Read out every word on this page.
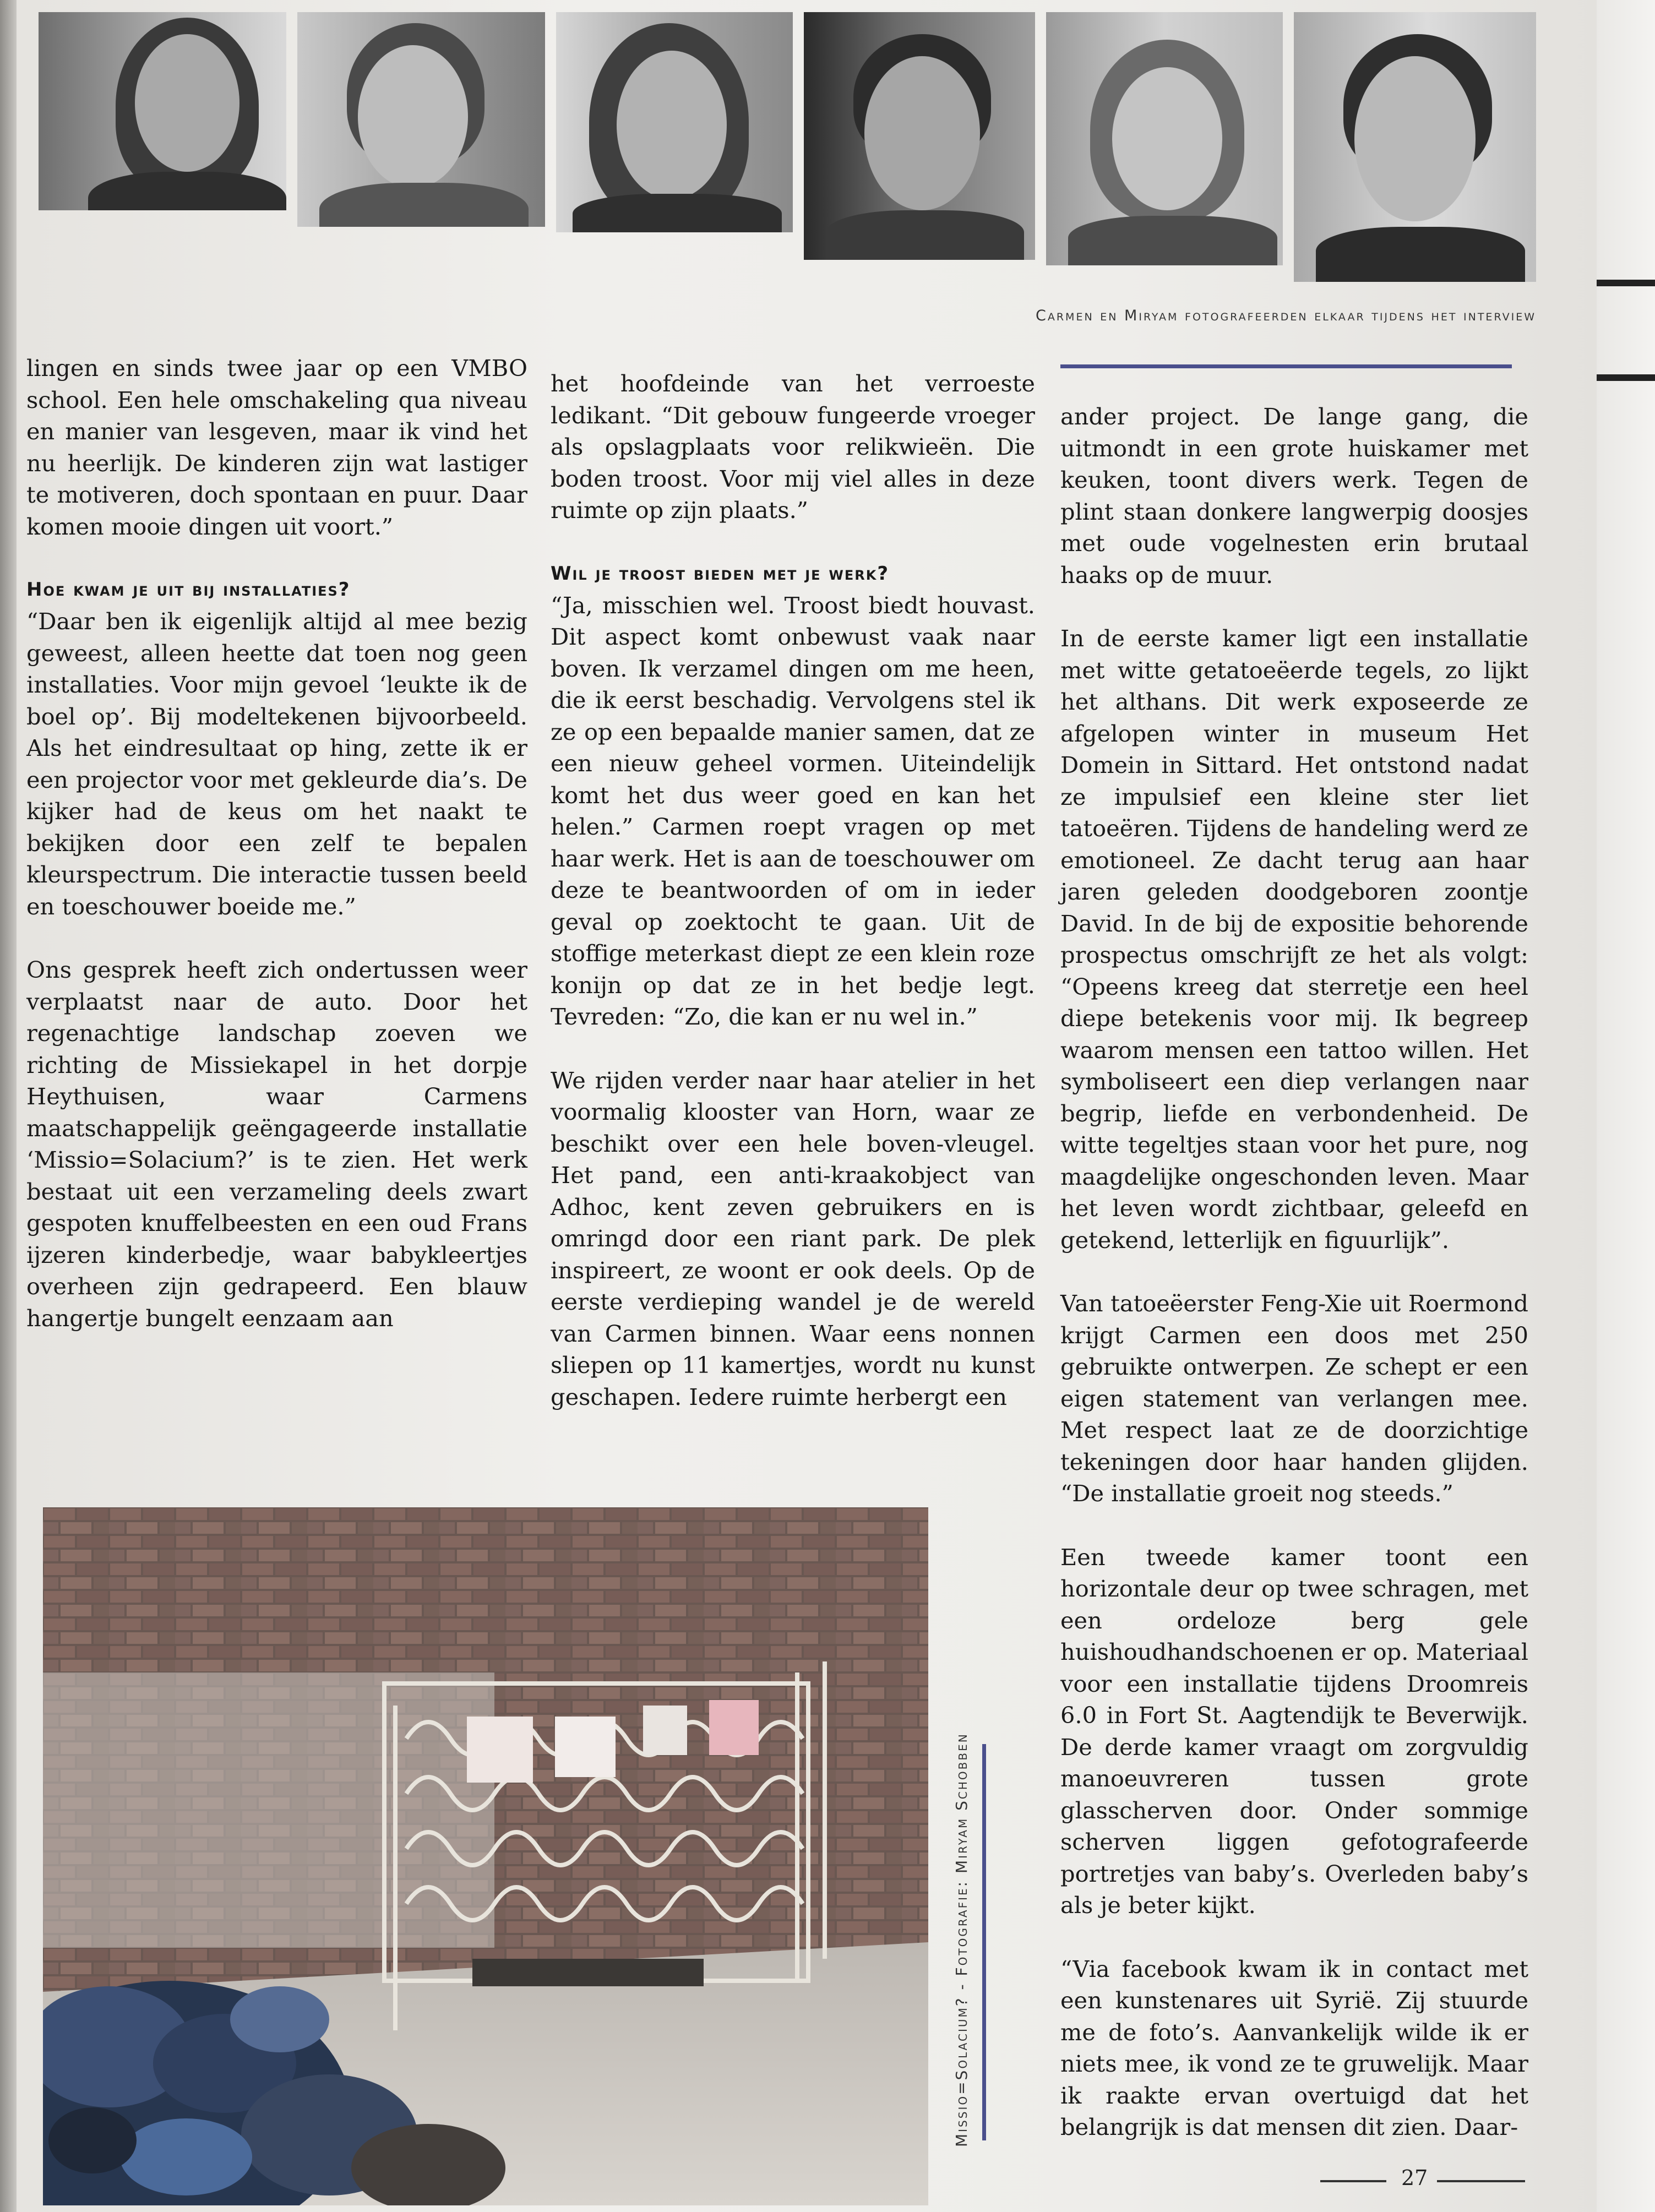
Carmen en Miryam fotografeerden elkaar tijdens het interview

lingen en sinds twee jaar op een VMBO school. Een hele omschakeling qua niveau en manier van lesgeven, maar ik vind het nu heerlijk. De kinderen zijn wat lastiger te motiveren, doch spontaan en puur. Daar komen mooie dingen uit voort.”

Hoe kwam je uit bij installaties?

“Daar ben ik eigenlijk altijd al mee bezig geweest, alleen heette dat toen nog geen installaties. Voor mijn gevoel ‘leukte ik de boel op’. Bij modeltekenen bijvoorbeeld. Als het eindresultaat op hing, zette ik er een projector voor met gekleurde dia’s. De kijker had de keus om het naakt te bekijken door een zelf te bepalen kleurspectrum. Die interactie tussen beeld en toeschouwer boeide me.”

Ons gesprek heeft zich ondertussen weer verplaatst naar de auto. Door het regenachtige landschap zoeven we richting de Missiekapel in het dorpje Heythuisen, waar Carmens maatschappelijk geëngageerde installatie ‘Missio=Solacium?’ is te zien. Het werk bestaat uit een verzameling deels zwart gespoten knuffelbeesten en een oud Frans ijzeren kinderbedje, waar babykleertjes overheen zijn gedrapeerd. Een blauw hangertje bungelt eenzaam aan

het hoofdeinde van het verroeste ledikant. “Dit gebouw fungeerde vroeger als opslagplaats voor relikwieën. Die boden troost. Voor mij viel alles in deze ruimte op zijn plaats.”

Wil je troost bieden met je werk?

“Ja, misschien wel. Troost biedt houvast. Dit aspect komt onbewust vaak naar boven. Ik verzamel dingen om me heen, die ik eerst beschadig. Vervolgens stel ik ze op een bepaalde manier samen, dat ze een nieuw geheel vormen. Uiteindelijk komt het dus weer goed en kan het helen.” Carmen roept vragen op met haar werk. Het is aan de toeschouwer om deze te beantwoorden of om in ieder geval op zoektocht te gaan. Uit de stoffige meterkast diept ze een klein roze konijn op dat ze in het bedje legt. Tevreden: “Zo, die kan er nu wel in.”

We rijden verder naar haar atelier in het voormalig klooster van Horn, waar ze beschikt over een hele boven-vleugel. Het pand, een anti-kraakobject van Adhoc, kent zeven gebruikers en is omringd door een riant park. De plek inspireert, ze woont er ook deels. Op de eerste verdieping wandel je de wereld van Carmen binnen. Waar eens nonnen sliepen op 11 kamertjes, wordt nu kunst geschapen. Iedere ruimte herbergt een

ander project. De lange gang, die uitmondt in een grote huiskamer met keuken, toont divers werk. Tegen de plint staan donkere langwerpig doosjes met oude vogelnesten erin brutaal haaks op de muur.

In de eerste kamer ligt een installatie met witte getatoeëerde tegels, zo lijkt het althans. Dit werk exposeerde ze afgelopen winter in museum Het Domein in Sittard. Het ontstond nadat ze impulsief een kleine ster liet tatoeëren. Tijdens de handeling werd ze emotioneel. Ze dacht terug aan haar jaren geleden doodgeboren zoontje David. In de bij de expositie behorende prospectus omschrijft ze het als volgt: “Opeens kreeg dat sterretje een heel diepe betekenis voor mij. Ik begreep waarom mensen een tattoo willen. Het symboliseert een diep verlangen naar begrip, liefde en verbondenheid. De witte tegeltjes staan voor het pure, nog maagdelijke ongeschonden leven. Maar het leven wordt zichtbaar, geleefd en getekend, letterlijk en figuurlijk”.

Van tatoeëerster Feng-Xie uit Roermond krijgt Carmen een doos met 250 gebruikte ontwerpen. Ze schept er een eigen statement van verlangen mee. Met respect laat ze de doorzichtige tekeningen door haar handen glijden. “De installatie groeit nog steeds.”

Een tweede kamer toont een horizontale deur op twee schragen, met een ordeloze berg gele huishoudhandschoenen er op. Materiaal voor een installatie tijdens Droomreis 6.0 in Fort St. Aagtendijk te Beverwijk. De derde kamer vraagt om zorgvuldig manoeuvreren tussen grote glasscherven door. Onder sommige scherven liggen gefotografeerde portretjes van baby’s. Overleden baby’s als je beter kijkt.

“Via facebook kwam ik in contact met een kunstenares uit Syrië. Zij stuurde me de foto’s. Aanvankelijk wilde ik er niets mee, ik vond ze te gruwelijk. Maar ik raakte ervan overtuigd dat het belangrijk is dat mensen dit zien. Daar-

Missio=Solacium? - Fotografie: Miryam Schobben
27
